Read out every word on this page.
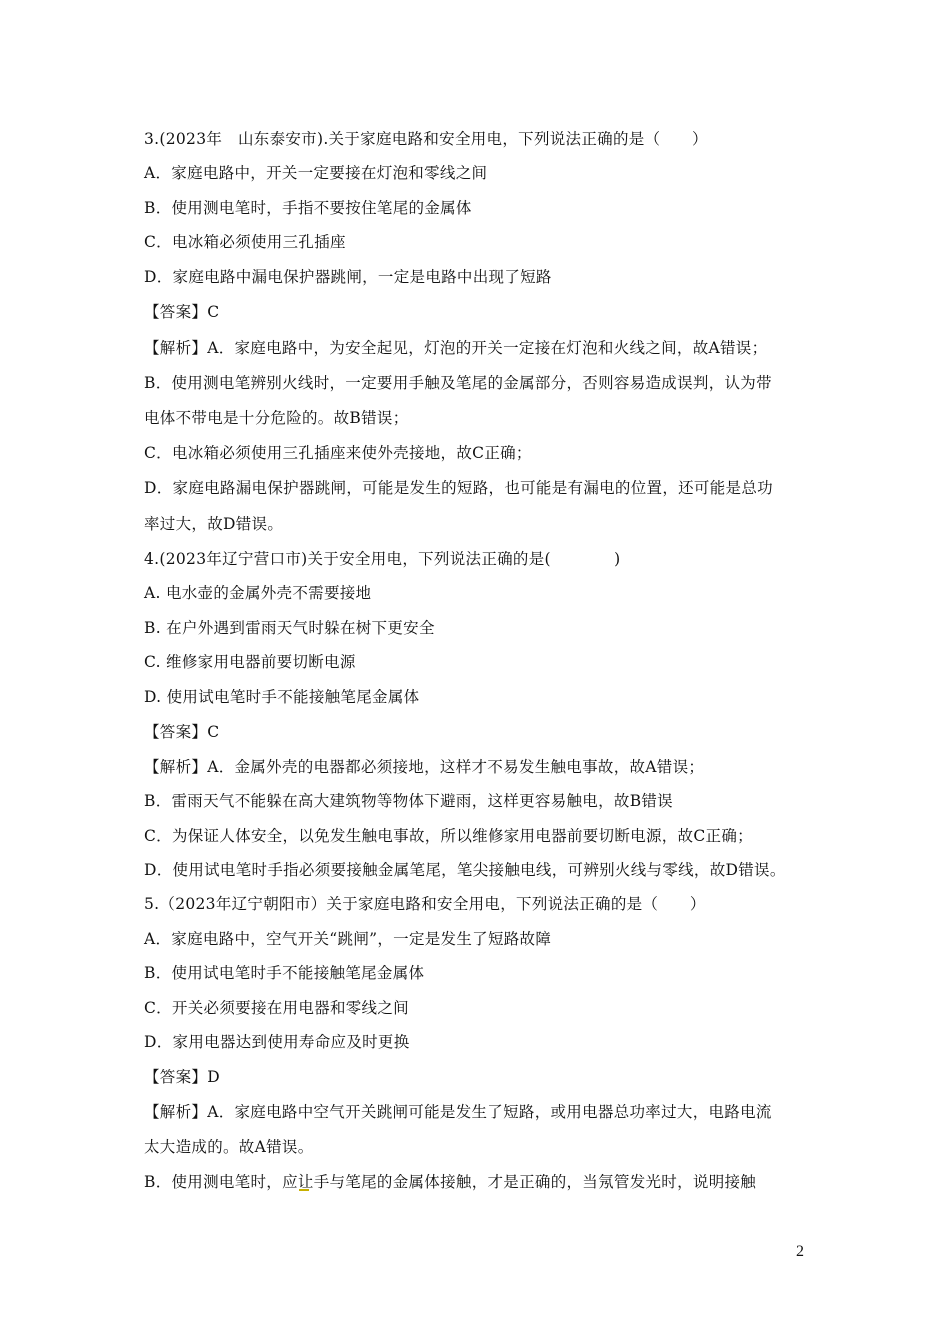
3.(2023年　山东泰安市).关于家庭电路和安全用电，下列说法正确的是（　　）
A．家庭电路中，开关一定要接在灯泡和零线之间
B．使用测电笔时，手指不要按住笔尾的金属体
C．电冰箱必须使用三孔插座
D．家庭电路中漏电保护器跳闸，一定是电路中出现了短路
【答案】C
【解析】A．家庭电路中，为安全起见，灯泡的开关一定接在灯泡和火线之间，故A错误；
B．使用测电笔辨别火线时，一定要用手触及笔尾的金属部分，否则容易造成误判，认为带
电体不带电是十分危险的。故B错误；
C．电冰箱必须使用三孔插座来使外壳接地，故C正确；
D．家庭电路漏电保护器跳闸，可能是发生的短路，也可能是有漏电的位置，还可能是总功
率过大，故D错误。
4.(2023年辽宁营口市)关于安全用电，下列说法正确的是(　　　　)
A. 电水壶的金属外壳不需要接地
B. 在户外遇到雷雨天气时躲在树下更安全
C. 维修家用电器前要切断电源
D. 使用试电笔时手不能接触笔尾金属体
【答案】C
【解析】A．金属外壳的电器都必须接地，这样才不易发生触电事故，故A错误；
B．雷雨天气不能躲在高大建筑物等物体下避雨，这样更容易触电，故B错误
C．为保证人体安全，以免发生触电事故，所以维修家用电器前要切断电源，故C正确；
D．使用试电笔时手指必须要接触金属笔尾，笔尖接触电线，可辨别火线与零线，故D错误。
5.（2023年辽宁朝阳市）关于家庭电路和安全用电，下列说法正确的是（　　）
A．家庭电路中，空气开关“跳闸”，一定是发生了短路故障
B．使用试电笔时手不能接触笔尾金属体
C．开关必须要接在用电器和零线之间
D．家用电器达到使用寿命应及时更换
【答案】D
【解析】A．家庭电路中空气开关跳闸可能是发生了短路，或用电器总功率过大，电路电流
太大造成的。故A错误。
B．使用测电笔时，应让手与笔尾的金属体接触，才是正确的，当氖管发光时，说明接触
2
